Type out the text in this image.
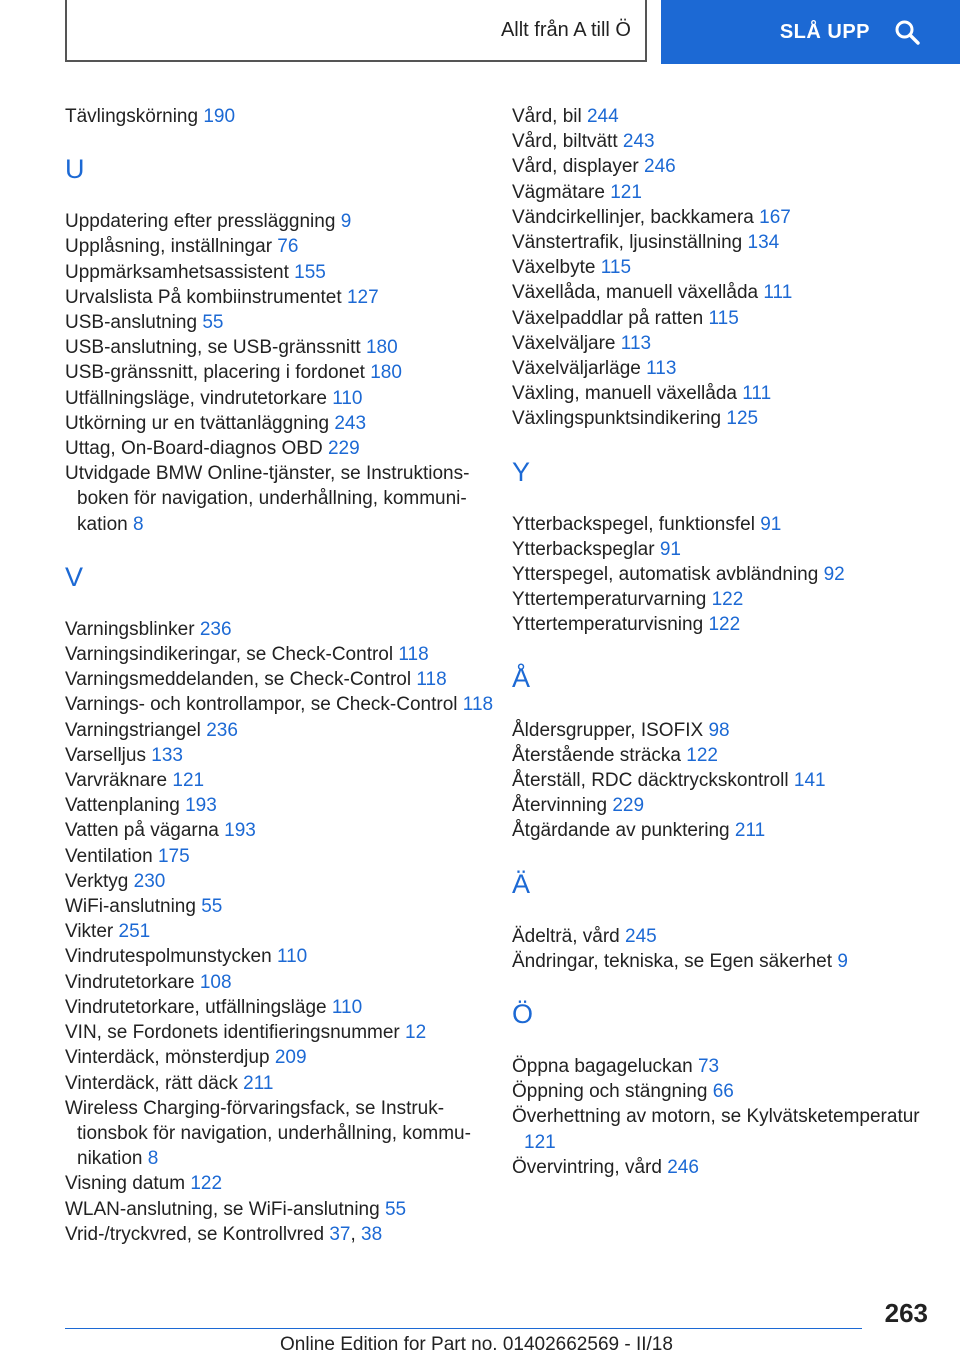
Allt från A till Ö	SLÅ UPP
Tävlingskörning 190
U
Uppdatering efter pressläggning 9
Upplåsning, inställningar 76
Uppmärksamhetsassistent 155
Urvalslista På kombiinstrumentet 127
USB-anslutning 55
USB-anslutning, se USB-gränssnitt 180
USB-gränssnitt, placering i fordonet 180
Utfällningsläge, vindrutetorkare 110
Utkörning ur en tvättanläggning 243
Uttag, On-Board-diagnos OBD 229
Utvidgade BMW Online-tjänster, se Instruktionsboken för navigation, underhållning, kommunikation 8
V
Varningsblinker 236
Varningsindikeringar, se Check-Control 118
Varningsmeddelanden, se Check-Control 118
Varnings- och kontrollampor, se Check-Control 118
Varningstriangel 236
Varselljus 133
Varvräknare 121
Vattenplaning 193
Vatten på vägarna 193
Ventilation 175
Verktyg 230
WiFi-anslutning 55
Vikter 251
Vindrutespolmunstycken 110
Vindrutetorkare 108
Vindrutetorkare, utfällningsläge 110
VIN, se Fordonets identifieringsnummer 12
Vinterdäck, mönsterdjup 209
Vinterdäck, rätt däck 211
Wireless Charging-förvaringsfack, se Instruktionsbok för navigation, underhållning, kommunikation 8
Visning datum 122
WLAN-anslutning, se WiFi-anslutning 55
Vrid-/tryckvred, se Kontrollvred 37, 38
Vård, bil 244
Vård, biltvätt 243
Vård, displayer 246
Vägmätare 121
Vändcirkellinjer, backkamera 167
Vänstertrafik, ljusinställning 134
Växelbyte 115
Växellåda, manuell växellåda 111
Växelpaddlar på ratten 115
Växelväljare 113
Växelväljarläge 113
Växling, manuell växellåda 111
Växlingspunktsindikering 125
Y
Ytterbackspegel, funktionsfel 91
Ytterbackspeglar 91
Ytterspegel, automatisk avbländning 92
Yttertemperaturvarning 122
Yttertemperaturvisning 122
Å
Åldersgrupper, ISOFIX 98
Återstående sträcka 122
Återställ, RDC däcktryckskontroll 141
Återvinning 229
Åtgärdande av punktering 211
Ä
Ädelträ, vård 245
Ändringar, tekniska, se Egen säkerhet 9
Ö
Öppna bagageluckan 73
Öppning och stängning 66
Överhettning av motorn, se Kylvätsketemperatur 121
Övervintring, vård 246
263
Online Edition for Part no. 01402662569 - II/18
